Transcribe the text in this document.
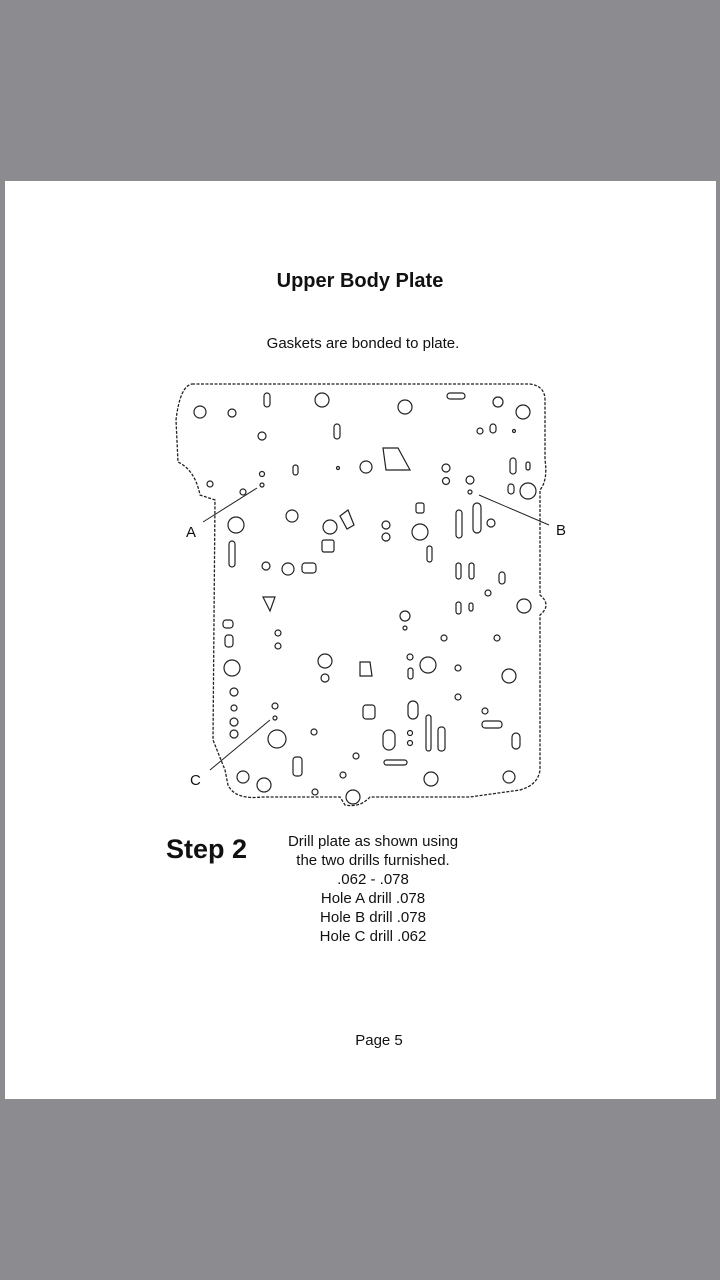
Upper Body Plate
Gaskets are bonded to plate.
A	B
C
Step 2	Drill plate as shown using
the two drills furnished.
.062 - .078
Hole A drill .078
Hole B drill .078
Hole C drill .062
Page 5
